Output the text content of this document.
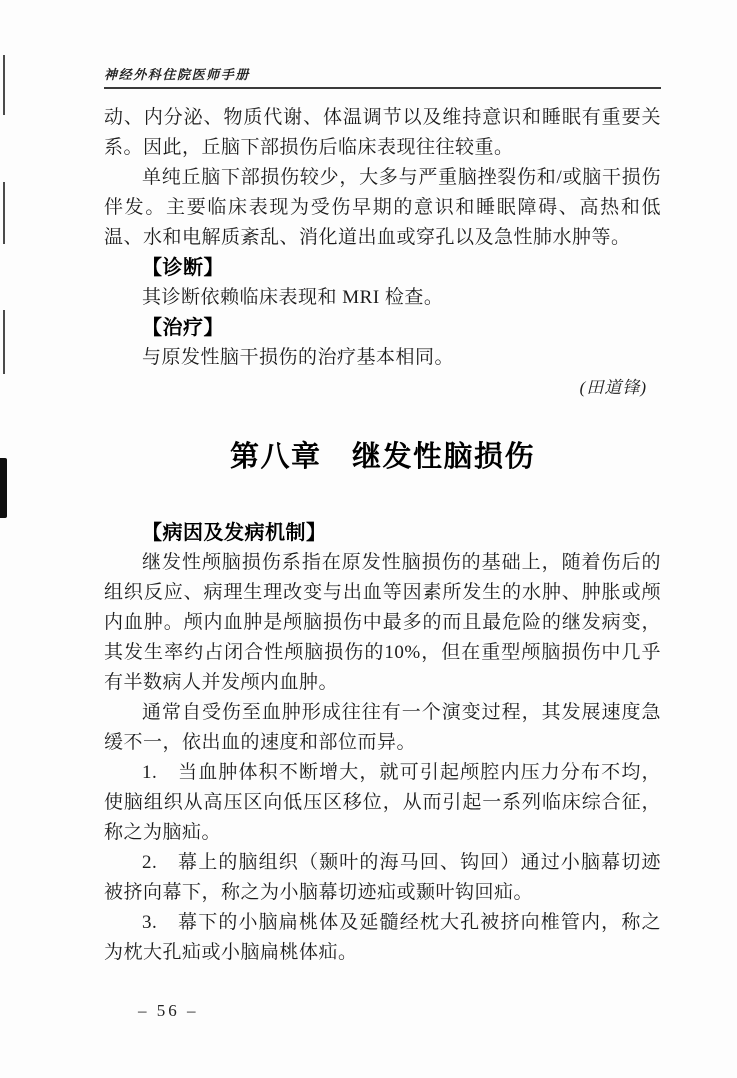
神经外科住院医师手册

动、内分泌、物质代谢、体温调节以及维持意识和睡眠有重要关系。因此，丘脑下部损伤后临床表现往往较重。

单纯丘脑下部损伤较少，大多与严重脑挫裂伤和/或脑干损伤伴发。主要临床表现为受伤早期的意识和睡眠障碍、高热和低温、水和电解质紊乱、消化道出血或穿孔以及急性肺水肿等。

【诊断】

其诊断依赖临床表现和 MRI 检查。

【治疗】

与原发性脑干损伤的治疗基本相同。

(田道锋)

第八章　继发性脑损伤
【病因及发病机制】

继发性颅脑损伤系指在原发性脑损伤的基础上，随着伤后的组织反应、病理生理改变与出血等因素所发生的水肿、肿胀或颅内血肿。颅内血肿是颅脑损伤中最多的而且最危险的继发病变，其发生率约占闭合性颅脑损伤的10%，但在重型颅脑损伤中几乎有半数病人并发颅内血肿。

通常自受伤至血肿形成往往有一个演变过程，其发展速度急缓不一，依出血的速度和部位而异。

1.　当血肿体积不断增大，就可引起颅腔内压力分布不均，使脑组织从高压区向低压区移位，从而引起一系列临床综合征，称之为脑疝。

2.　幕上的脑组织（颞叶的海马回、钩回）通过小脑幕切迹被挤向幕下，称之为小脑幕切迹疝或颞叶钩回疝。

3.　幕下的小脑扁桃体及延髓经枕大孔被挤向椎管内，称之为枕大孔疝或小脑扁桃体疝。

– 56 –
